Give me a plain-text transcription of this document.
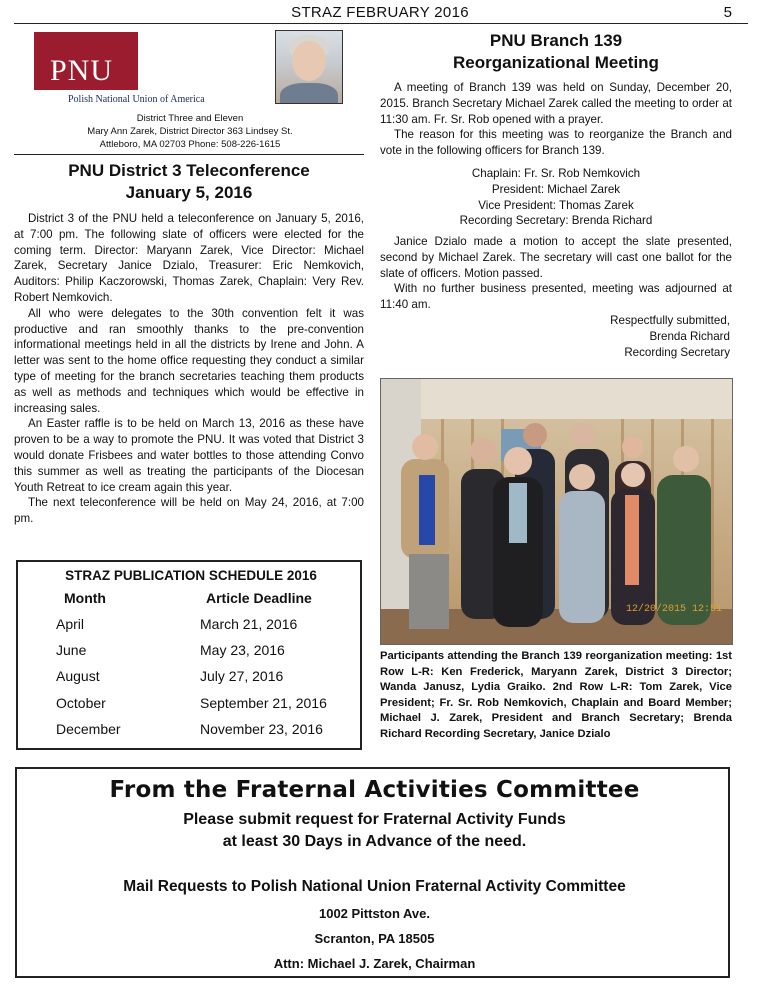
STRAZ FEBRUARY 2016	5
PNU
Polish National Union of America
District Three and Eleven
Mary Ann Zarek, District Director 363 Lindsey St.
Attleboro, MA 02703 Phone: 508-226-1615
PNU District 3 Teleconference
January 5, 2016

District 3 of the PNU held a teleconference on January 5, 2016, at 7:00 pm. The following slate of officers were elected for the coming term. Director: Maryann Zarek, Vice Director: Michael Zarek, Secretary Janice Dzialo, Treasurer: Eric Nemkovich, Auditors: Philip Kaczorowski, Thomas Zarek, Chaplain: Very Rev. Robert Nemkovich.

All who were delegates to the 30th convention felt it was productive and ran smoothly thanks to the pre-convention informational meetings held in all the districts by Irene and John. A letter was sent to the home office requesting they conduct a similar type of meeting for the branch secretaries teaching them products as well as methods and techniques which would be effective in increasing sales.

An Easter raffle is to be held on March 13, 2016 as these have proven to be a way to promote the PNU. It was voted that District 3 would donate Frisbees and water bottles to those attending Convo this summer as well as treating the participants of the Diocesan Youth Retreat to ice cream again this year.

The next teleconference will be held on May 24, 2016, at 7:00 pm.

STRAZ PUBLICATION SCHEDULE 2016
Month	Article Deadline
April	March 21, 2016
June	May 23, 2016
August	July 27, 2016
October	September 21, 2016
December	November 23, 2016
PNU Branch 139
Reorganizational Meeting

A meeting of Branch 139 was held on Sunday, December 20, 2015. Branch Secretary Michael Zarek called the meeting to order at 11:30 am. Fr. Sr. Rob opened with a prayer.

The reason for this meeting was to reorganize the Branch and vote in the following officers for Branch 139.

Chaplain: Fr. Sr. Rob Nemkovich
President: Michael Zarek
Vice President: Thomas Zarek
Recording Secretary: Brenda Richard

Janice Dzialo made a motion to accept the slate presented, second by Michael Zarek. The secretary will cast one ballot for the slate of officers. Motion passed.

With no further business presented, meeting was adjourned at 11:40 am.

Respectfully submitted,
Brenda Richard
Recording Secretary
12/20/2015 12:51
Participants attending the Branch 139 reorganization meeting: 1st Row L-R: Ken Frederick, Maryann Zarek, District 3 Director; Wanda Janusz, Lydia Graiko. 2nd Row L-R: Tom Zarek, Vice President; Fr. Sr. Rob Nemkovich, Chaplain and Board Member; Michael J. Zarek, President and Branch Secretary; Brenda Richard Recording Secretary, Janice Dzialo
From the Fraternal Activities Committee
Please submit request for Fraternal Activity Funds
at least 30 Days in Advance of the need.
Mail Requests to Polish National Union Fraternal Activity Committee
1002 Pittston Ave.
Scranton, PA 18505
Attn: Michael J. Zarek, Chairman
